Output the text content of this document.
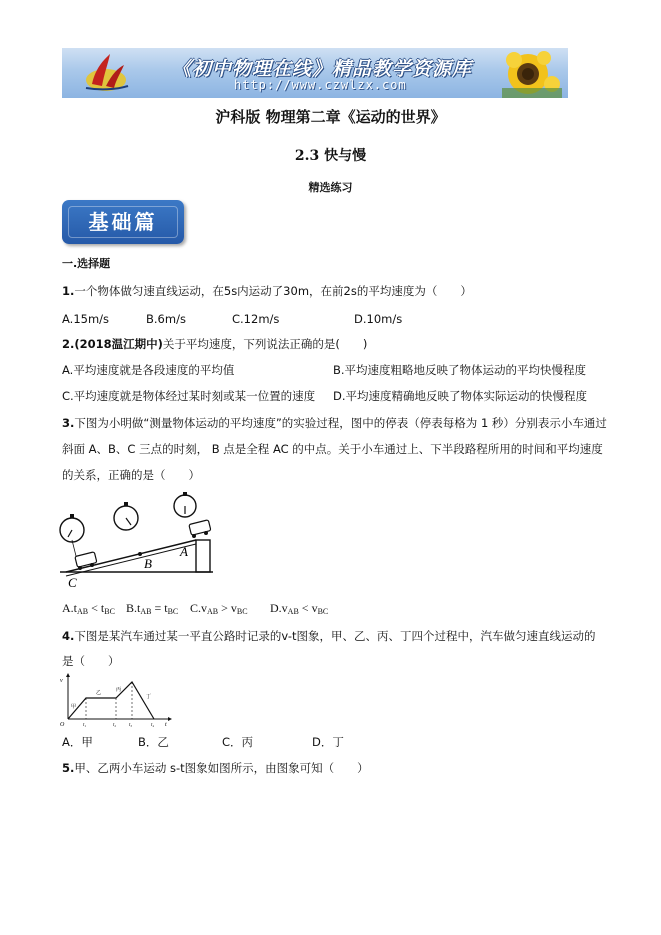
《初中物理在线》精品教学资源库
http://www.czwlzx.com
沪科版 物理第二章《运动的世界》
2.3 快与慢
精选练习
基础篇
一.选择题
1.一个物体做匀速直线运动，在5s内运动了30m，在前2s的平均速度为（　　）
A.15m/s	B.6m/s	C.12m/s	D.10m/s
2.(2018温江期中)关于平均速度，下列说法正确的是(　　)
A.平均速度就是各段速度的平均值	B.平均速度粗略地反映了物体运动的平均快慢程度
C.平均速度就是物体经过某时刻或某一位置的速度 D.平均速度精确地反映了物体实际运动的快慢程度
3.下图为小明做“测量物体运动的平均速度”的实验过程，图中的停表（停表每格为 1 秒）分别表示小车通过
斜面 A、B、C 三点的时刻， B 点是全程 AC 的中点。关于小车通过上、下半段路程所用的时间和平均速度
的关系，正确的是（　　）
A
B
C
$A.t_{AB} < t_{BC}$ $B.t_{AB} = t_{BC}$ $C.v_{AB} > v_{BC}$ $D.v_{AB} < v_{BC}$
4.下图是某汽车通过某一平直公路时记录的v-t图象，甲、乙、丙、丁四个过程中，汽车做匀速直线运动的
是（　　）
v
O	t₁	t₂	t₃	t₄ t
甲
乙	丙
丁
A．甲	B．乙	C．丙	D．丁
5.甲、乙两小车运动 s-t图象如图所示，由图象可知（　　）
